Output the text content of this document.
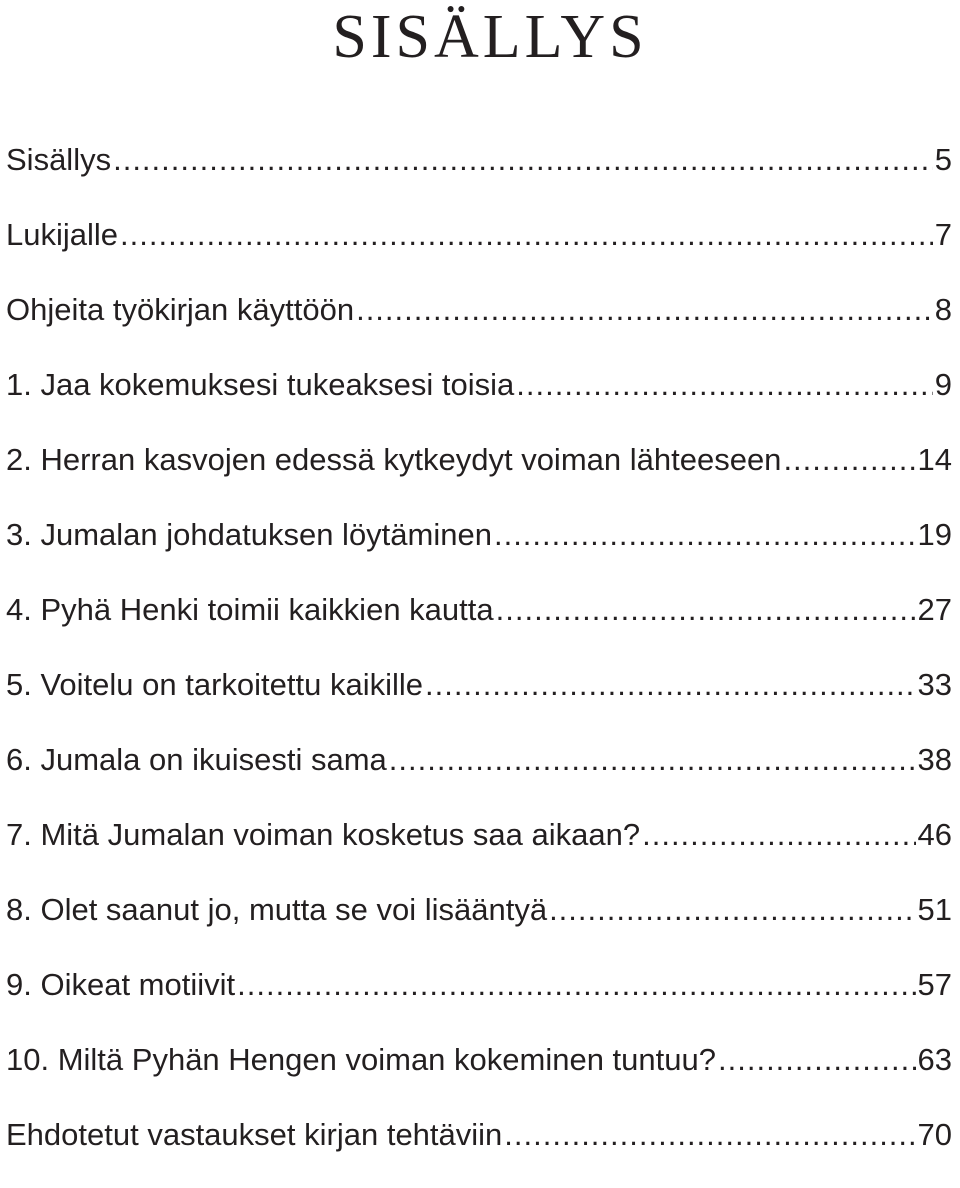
SISÄLLYS
Sisällys .....	5
Lukijalle .....	7
Ohjeita työkirjan käyttöön .....	8
1. Jaa kokemuksesi tukeaksesi toisia .....	9
2. Herran kasvojen edessä kytkeydyt voiman lähteeseen .....	14
3. Jumalan johdatuksen löytäminen .....	19
4. Pyhä Henki toimii kaikkien kautta .....	27
5. Voitelu on tarkoitettu kaikille .....	33
6. Jumala on ikuisesti sama .....	38
7. Mitä Jumalan voiman kosketus saa aikaan? .....	46
8. Olet saanut jo, mutta se voi lisääntyä .....	51
9. Oikeat motiivit .....	57
10. Miltä Pyhän Hengen voiman kokeminen tuntuu? .....	63
Ehdotetut vastaukset kirjan tehtäviin .....	70
